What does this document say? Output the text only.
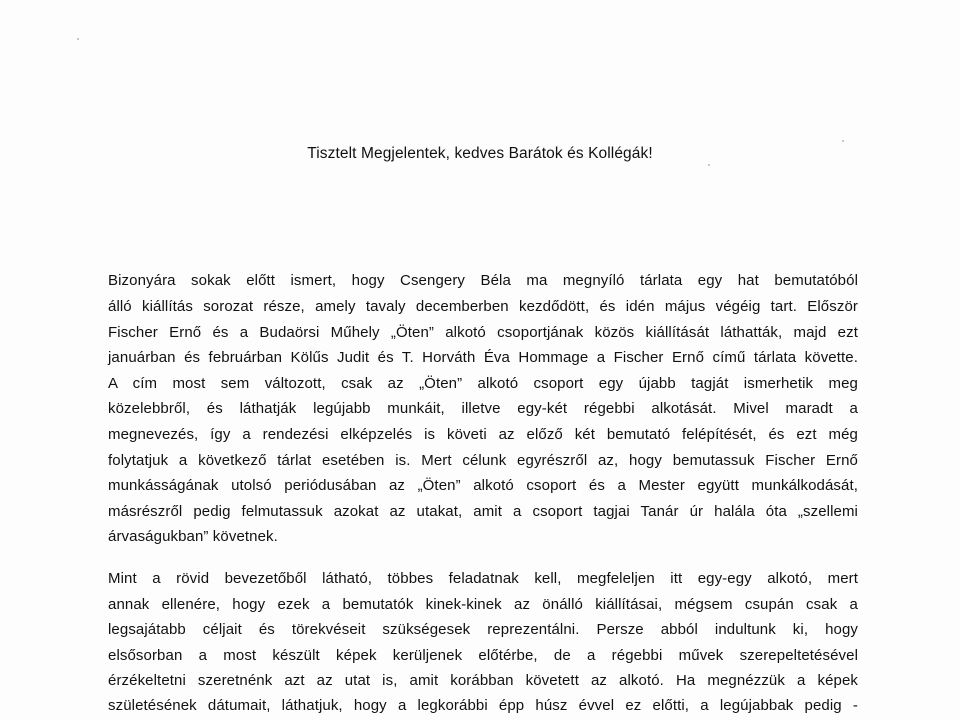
Tisztelt Megjelentek, kedves Barátok és Kollégák!

Bizonyára sokak előtt ismert, hogy Csengery Béla ma megnyíló tárlata egy hat bemutatóból

álló kiállítás sorozat része, amely tavaly decemberben kezdődött, és idén május végéig tart. Először

Fischer Ernő és a Budaörsi Műhely „Öten” alkotó csoportjának közös kiállítását láthatták, majd ezt

januárban és februárban Kölűs Judit és T. Horváth Éva Hommage a Fischer Ernő című tárlata követte.

A cím most sem változott, csak az „Öten” alkotó csoport egy újabb tagját ismerhetik meg

közelebbről, és láthatják legújabb munkáit, illetve egy-két régebbi alkotását. Mivel maradt a

megnevezés, így a rendezési elképzelés is követi az előző két bemutató felépítését, és ezt még

folytatjuk a következő tárlat esetében is. Mert célunk egyrészről az, hogy bemutassuk Fischer Ernő

munkásságának utolsó periódusában az „Öten” alkotó csoport és a Mester együtt munkálkodását,

másrészről pedig felmutassuk azokat az utakat, amit a csoport tagjai Tanár úr halála óta „szellemi

árvaságukban” követnek.

Mint a rövid bevezetőből látható, többes feladatnak kell, megfeleljen itt egy-egy alkotó, mert

annak ellenére, hogy ezek a bemutatók kinek-kinek az önálló kiállításai, mégsem csupán csak a

legsajátabb céljait és törekvéseit szükségesek reprezentálni. Persze abból indultunk ki, hogy

elsősorban a most készült képek kerüljenek előtérbe, de a régebbi művek szerepeltetésével

érzékeltetni szeretnénk azt az utat is, amit korábban követett az alkotó. Ha megnézzük a képek

születésének dátumait, láthatjuk, hogy a legkorábbi épp húsz évvel ez előtti, a legújabbak pedig -
